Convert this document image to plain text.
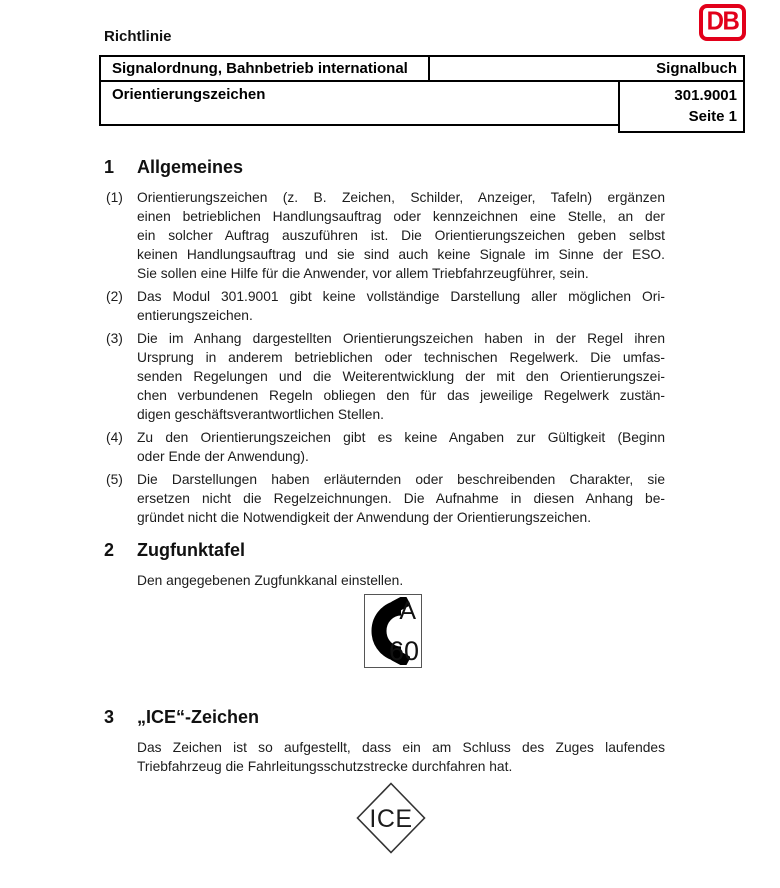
Richtlinie
DB
Signalordnung, Bahnbetrieb international	Signalbuch
Orientierungszeichen	301.9001
Seite 1
1	Allgemeines
(1)	Orientierungszeichen (z. B. Zeichen, Schilder, Anzeiger, Tafeln) ergänzen
einen betrieblichen Handlungsauftrag oder kennzeichnen eine Stelle, an der
ein solcher Auftrag auszuführen ist. Die Orientierungszeichen geben selbst
keinen Handlungsauftrag und sie sind auch keine Signale im Sinne der ESO.
Sie sollen eine Hilfe für die Anwender, vor allem Triebfahrzeugführer, sein.
(2)	Das Modul 301.9001 gibt keine vollständige Darstellung aller möglichen Ori-
entierungszeichen.
(3)	Die im Anhang dargestellten Orientierungszeichen haben in der Regel ihren
Ursprung in anderem betrieblichen oder technischen Regelwerk. Die umfas-
senden Regelungen und die Weiterentwicklung der mit den Orientierungszei-
chen verbundenen Regeln obliegen den für das jeweilige Regelwerk zustän-
digen geschäftsverantwortlichen Stellen.
(4)	Zu den Orientierungszeichen gibt es keine Angaben zur Gültigkeit (Beginn
oder Ende der Anwendung).
(5)	Die Darstellungen haben erläuternden oder beschreibenden Charakter, sie
ersetzen nicht die Regelzeichnungen. Die Aufnahme in diesen Anhang be-
gründet nicht die Notwendigkeit der Anwendung der Orientierungszeichen.
2	Zugfunktafel
Den angegebenen Zugfunkkanal einstellen.
A
60
3	„ICE“-Zeichen
Das Zeichen ist so aufgestellt, dass ein am Schluss des Zuges laufendes
Triebfahrzeug die Fahrleitungsschutzstrecke durchfahren hat.
ICE
